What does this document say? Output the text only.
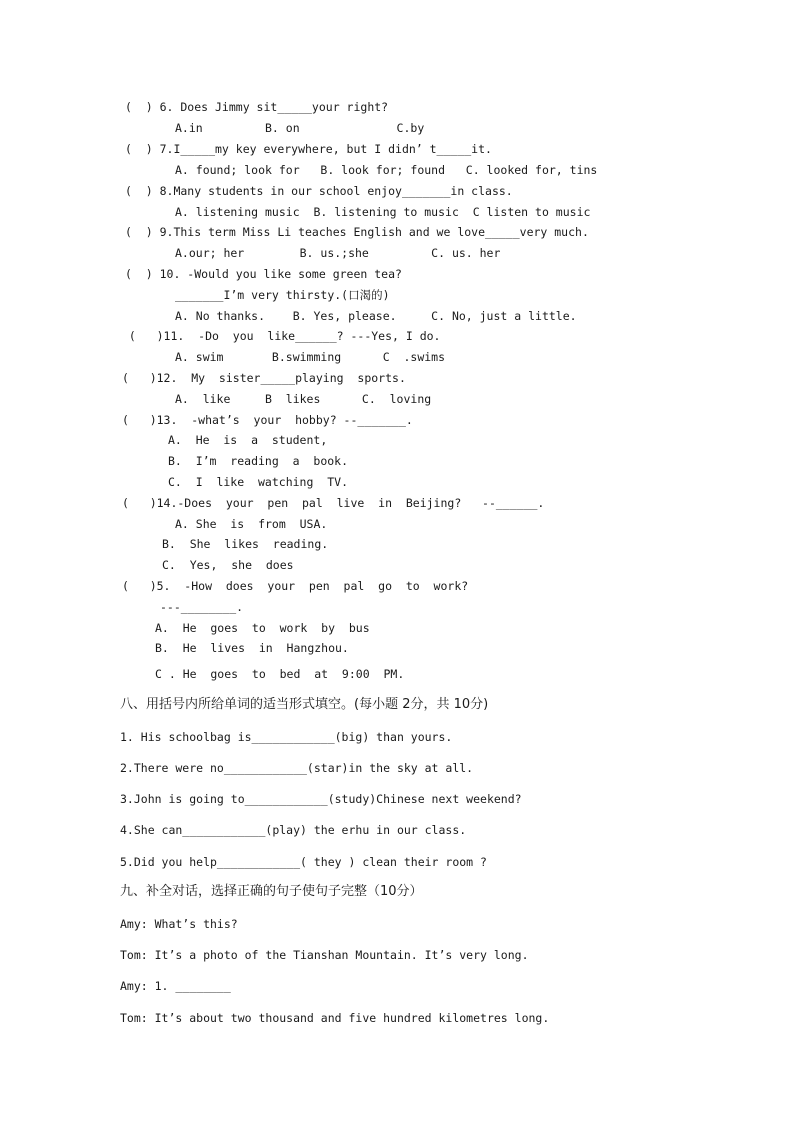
(  ) 6. Does Jimmy sit_____your right?
A.in         B. on              C.by
(  ) 7.I_____my key everywhere, but I didn’ t_____it.
A. found; look for   B. look for; found   C. looked for, tins
(  ) 8.Many students in our school enjoy_______in class.
A. listening music  B. listening to music  C listen to music
(  ) 9.This term Miss Li teaches English and we love_____very much.
A.our; her        B. us.;she         C. us. her
(  ) 10. -Would you like some green tea?
_______I’m very thirsty.(口渴的)
A. No thanks.    B. Yes, please.     C. No, just a little.
(   )11.  -Do  you  like______? ---Yes, I do.
A. swim       B.swimming      C  .swims
(   )12.  My  sister_____playing  sports.
A.  like     B  likes      C.  loving
(   )13.  -what’s  your  hobby? --_______.
A.  He  is  a  student,
B.  I’m  reading  a  book.
C.  I  like  watching  TV.
(   )14.-Does  your  pen  pal  live  in  Beijing?   --______.
A. She  is  from  USA.
B.  She  likes  reading.
C.  Yes,  she  does
(   )5.  -How  does  your  pen  pal  go  to  work?
---________.
A.  He  goes  to  work  by  bus
B.  He  lives  in  Hangzhou.
C . He  goes  to  bed  at  9:00  PM.
八、用括号内所给单词的适当形式填空。(每小题 2分，共 10分)
1. His schoolbag is____________(big) than yours.
2.There were no____________(star)in the sky at all.
3.John is going to____________(study)Chinese next weekend?
4.She can____________(play) the erhu in our class.
5.Did you help____________( they ) clean their room ?
九、补全对话，选择正确的句子使句子完整（10分）
Amy: What’s this?
Tom: It’s a photo of the Tianshan Mountain. It’s very long.
Amy: 1. ________
Tom: It’s about two thousand and five hundred kilometres long.
